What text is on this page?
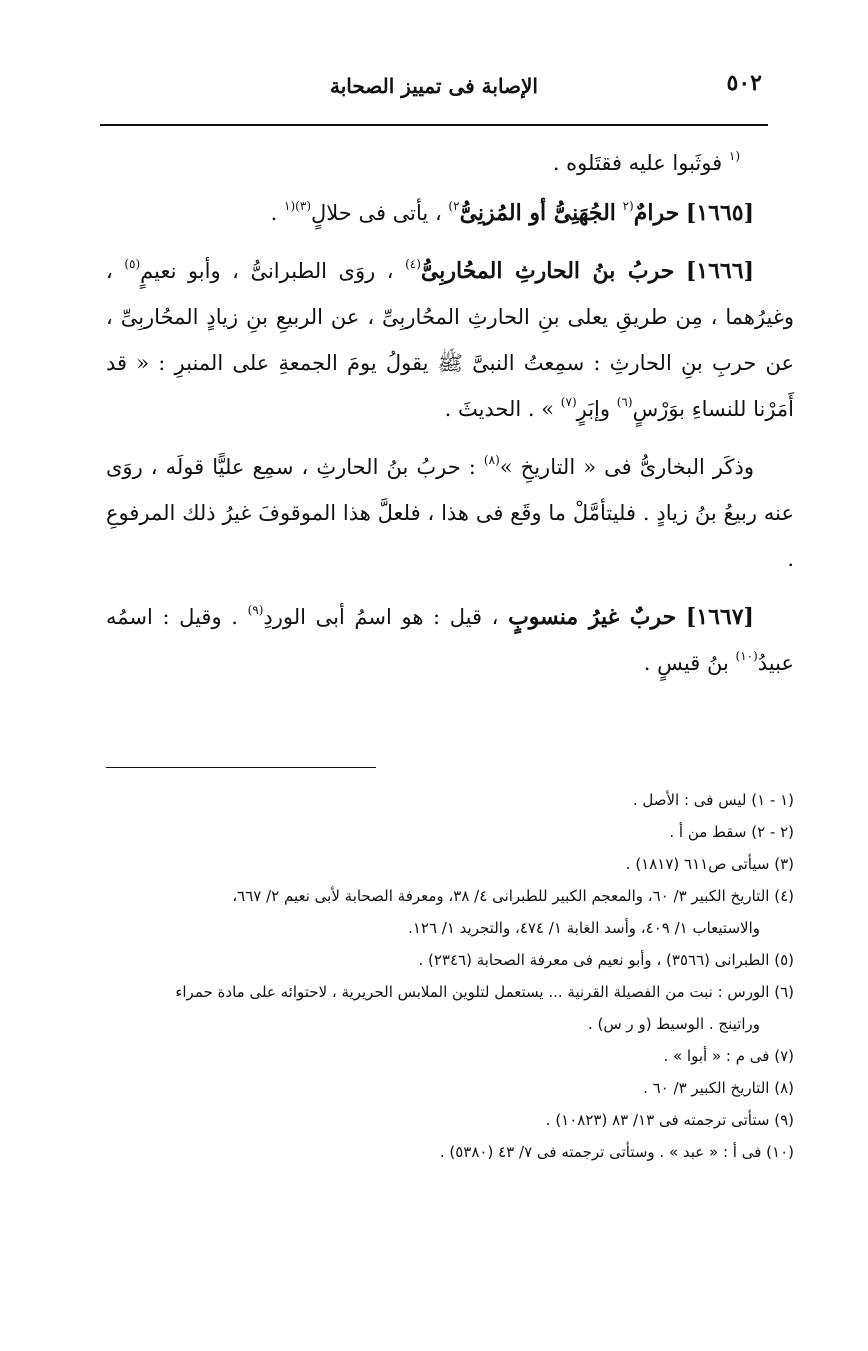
٥٠٢
الإصابة فى تمييز الصحابة

$^{(١}$ فوثَبوا عليه فقتَلوه .

[١٦٦٥] حرامٌ$^{(٢}$ الجُهَنِىُّ أو المُزنِىُّ$^{٢)}$ ، يأتى فى حلالٍ$^{(٣)(١}$ .

[١٦٦٦] حربُ بنُ الحارثِ المحُاربِىُّ$^{(٤)}$ ، روَى الطبرانىُّ ، وأبو نعيمٍ$^{(٥)}$ ، وغيرُهما ، مِن طريقِ يعلى بنِ الحارثِ المحُاربِىِّ ، عن الربيعِ بنِ زيادٍ المحُاربِىِّ ، عن حربِ بنِ الحارثِ : سمِعتُ النبىَّ ﷺ يقولُ يومَ الجمعةِ على المنبرِ : « قد أَمَرْنا للنساءِ بوَرْسٍ$^{(٦)}$ وإبَرٍ$^{(٧)}$ » . الحديثَ .

وذكَر البخارىُّ فى « التاريخِ »$^{(٨)}$ : حربُ بنُ الحارثِ ، سمِع عليًّا قولَه ، روَى عنه ربيعُ بنُ زيادٍ . فليتأمَّلْ ما وقَع فى هذا ، فلعلَّ هذا الموقوفَ غيرُ ذلك المرفوعِ .

[١٦٦٧] حربٌ غيرُ منسوبٍ ، قيل : هو اسمُ أبى الوردِ$^{(٩)}$ . وقيل : اسمُه عبيدُ$^{(١٠)}$ بنُ قيسٍ .

(١ - ١) ليس فى : الأصل .

(٢ - ٢) سقط من أ .

(٣) سيأتى ص٦١١ (١٨١٧) .

(٤) التاريخ الكبير ٣/ ٦٠، والمعجم الكبير للطبرانى ٤/ ٣٨، ومعرفة الصحابة لأبى نعيم ٢/ ٦٦٧،
والاستيعاب ١/ ٤٠٩، وأسد الغابة ١/ ٤٧٤، والتجريد ١/ ١٢٦.

(٥) الطبرانى (٣٥٦٦) ، وأبو نعيم فى معرفة الصحابة (٢٣٤٦) .

(٦) الورس : نبت من الفصيلة القرنية ... يستعمل لتلوين الملابس الحريرية ، لاحتوائه على مادة حمراء
وراتينج . الوسيط (و ر س) .

(٧) فى م : « أبوا » .

(٨) التاريخ الكبير ٣/ ٦٠ .

(٩) ستأتى ترجمته فى ١٣/ ٨٣ (١٠٨٢٣) .

(١٠) فى أ : « عبد » . وستأتى ترجمته فى ٧/ ٤٣ (٥٣٨٠) .
